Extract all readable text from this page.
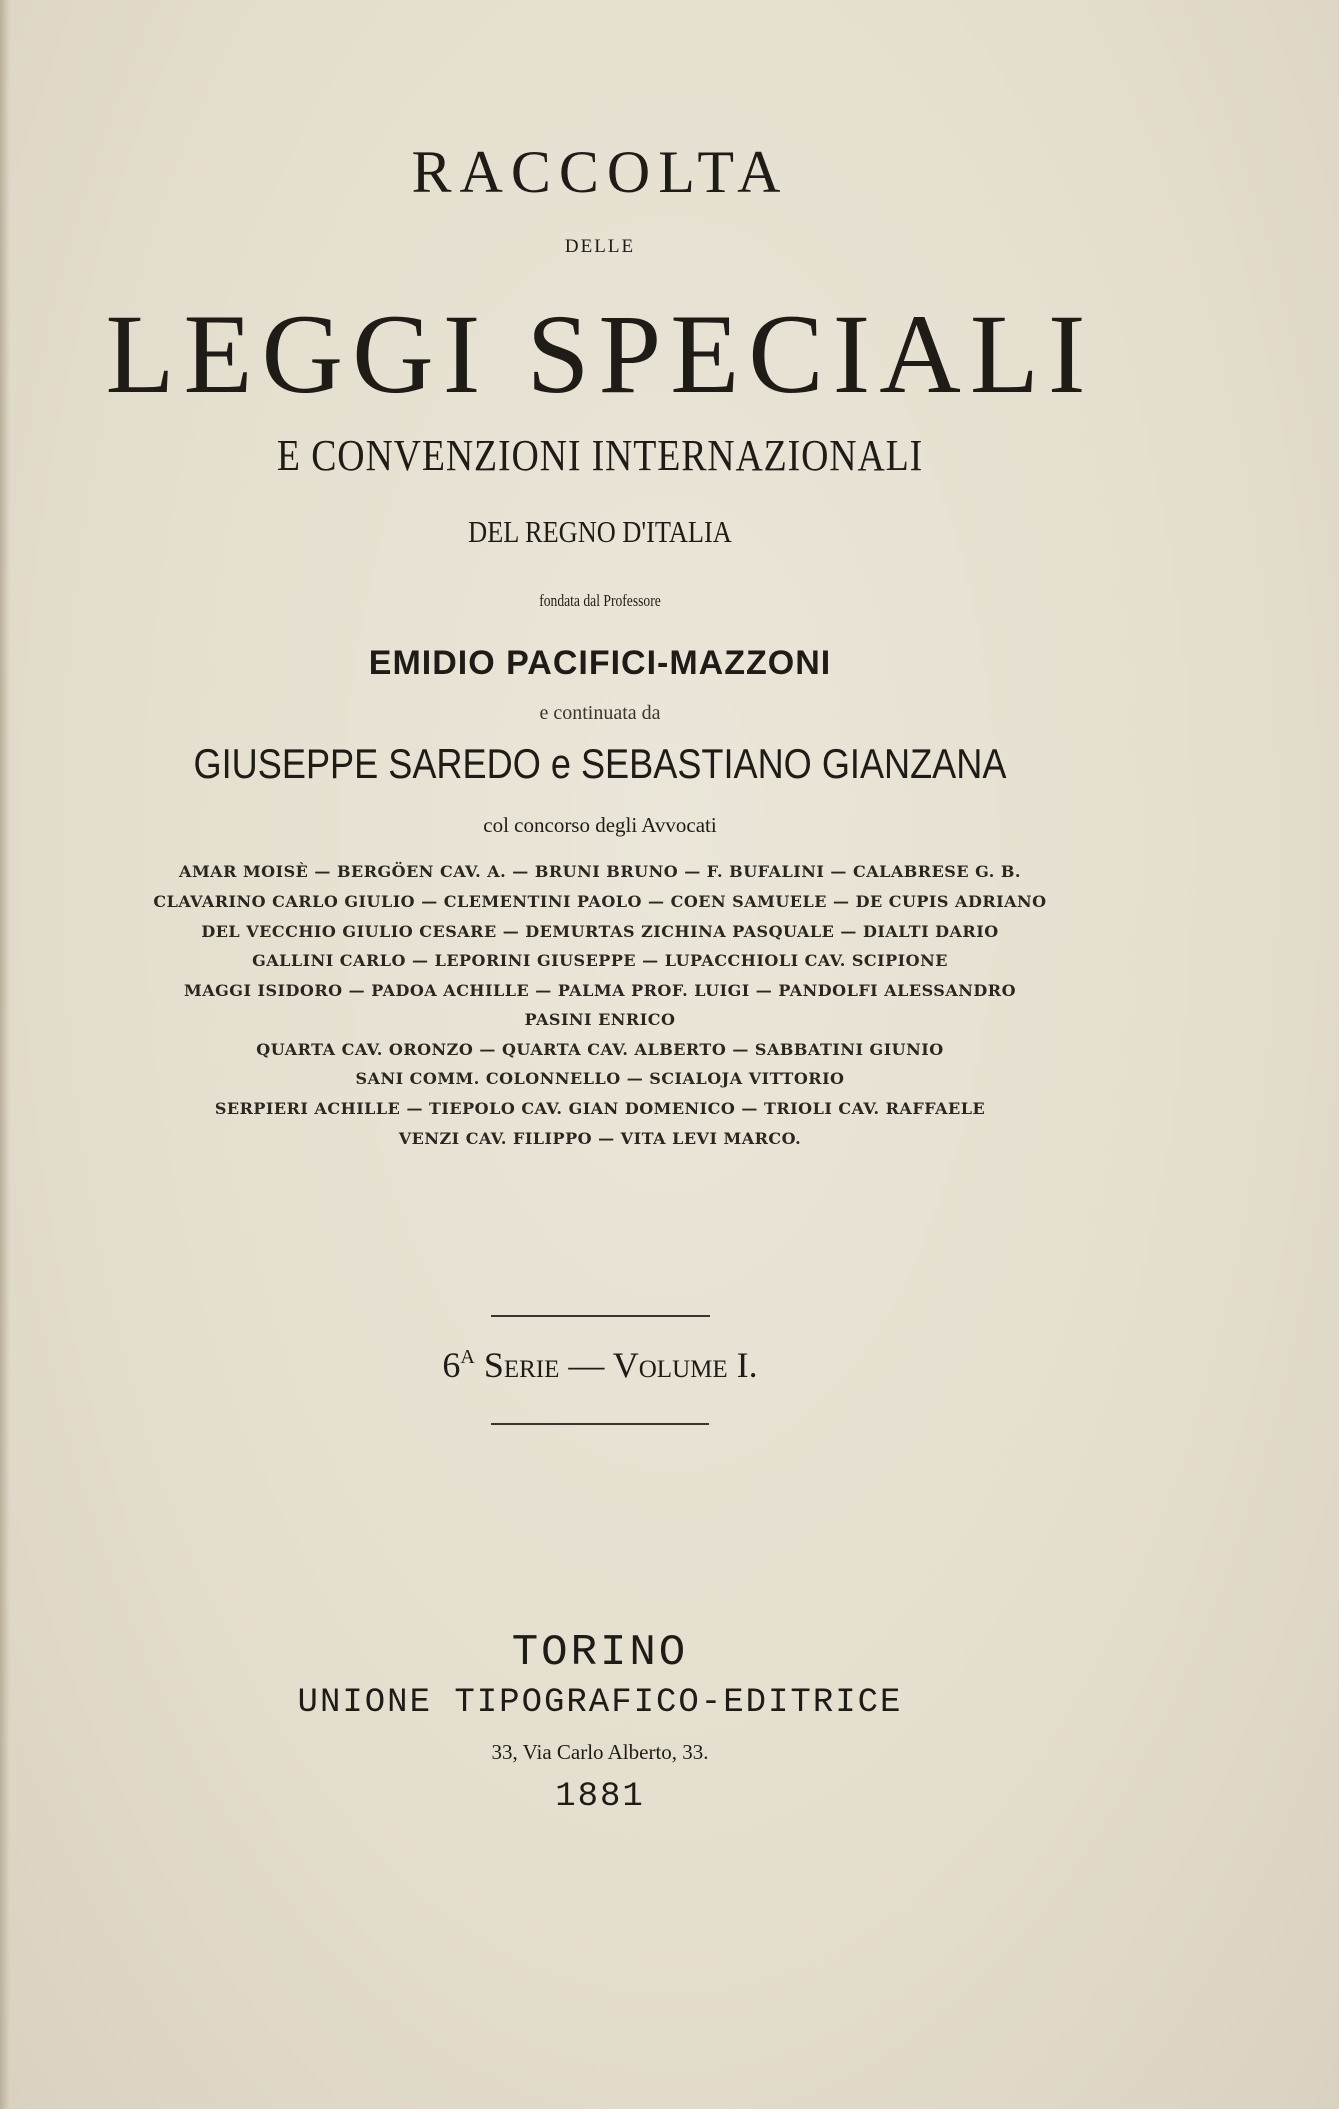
RACCOLTA
DELLE
LEGGI SPECIALI
E CONVENZIONI INTERNAZIONALI
DEL REGNO D'ITALIA
fondata dal Professore
EMIDIO PACIFICI-MAZZONI
e continuata da
GIUSEPPE SAREDO e SEBASTIANO GIANZANA
col concorso degli Avvocati
AMAR MOISÈ — BERGÖEN CAV. A. — BRUNI BRUNO — F. BUFALINI — CALABRESE G. B.
CLAVARINO CARLO GIULIO — CLEMENTINI PAOLO — COEN SAMUELE — DE CUPIS ADRIANO
DEL VECCHIO GIULIO CESARE — DEMURTAS ZICHINA PASQUALE — DIALTI DARIO
GALLINI CARLO — LEPORINI GIUSEPPE — LUPACCHIOLI CAV. SCIPIONE
MAGGI ISIDORO — PADOA ACHILLE — PALMA PROF. LUIGI — PANDOLFI ALESSANDRO
PASINI ENRICO
QUARTA CAV. ORONZO — QUARTA CAV. ALBERTO — SABBATINI GIUNIO
SANI COMM. COLONNELLO — SCIALOJA VITTORIO
SERPIERI ACHILLE — TIEPOLO CAV. GIAN DOMENICO — TRIOLI CAV. RAFFAELE
VENZI CAV. FILIPPO — VITA LEVI MARCO.
$6^A$ Serie — Volume I.
TORINO
UNIONE TIPOGRAFICO-EDITRICE
33, Via Carlo Alberto, 33.
1881
